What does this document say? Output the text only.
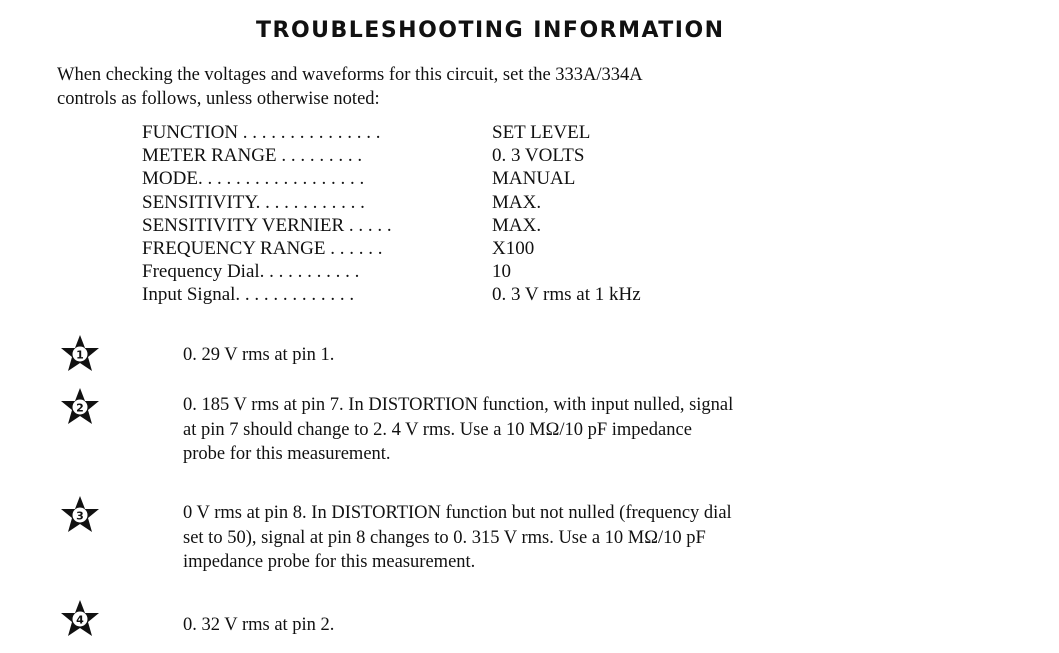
TROUBLESHOOTING INFORMATION
When checking the voltages and waveforms for this circuit, set the 333A/334A
controls as follows, unless otherwise noted:
FUNCTION . . . . . . . . . . . . . . .	SET LEVEL
METER RANGE . . . . . . . . .	0. 3 VOLTS
MODE. . . . . . . . . . . . . . . . . .	MANUAL
SENSITIVITY. . . . . . . . . . . .	MAX.
SENSITIVITY VERNIER . . . . .	MAX.
FREQUENCY RANGE . . . . . .	X100
Frequency Dial. . . . . . . . . . .	10
Input Signal. . . . . . . . . . . . .	0. 3 V rms at 1 kHz
1	0. 29 V rms at pin 1.
2	0. 185 V rms at pin 7. In DISTORTION function, with input nulled, signal
at pin 7 should change to 2. 4 V rms. Use a 10 MΩ/10 pF impedance
probe for this measurement.
3	0 V rms at pin 8. In DISTORTION function but not nulled (frequency dial
set to 50), signal at pin 8 changes to 0. 315 V rms. Use a 10 MΩ/10 pF
impedance probe for this measurement.
4	0. 32 V rms at pin 2.
